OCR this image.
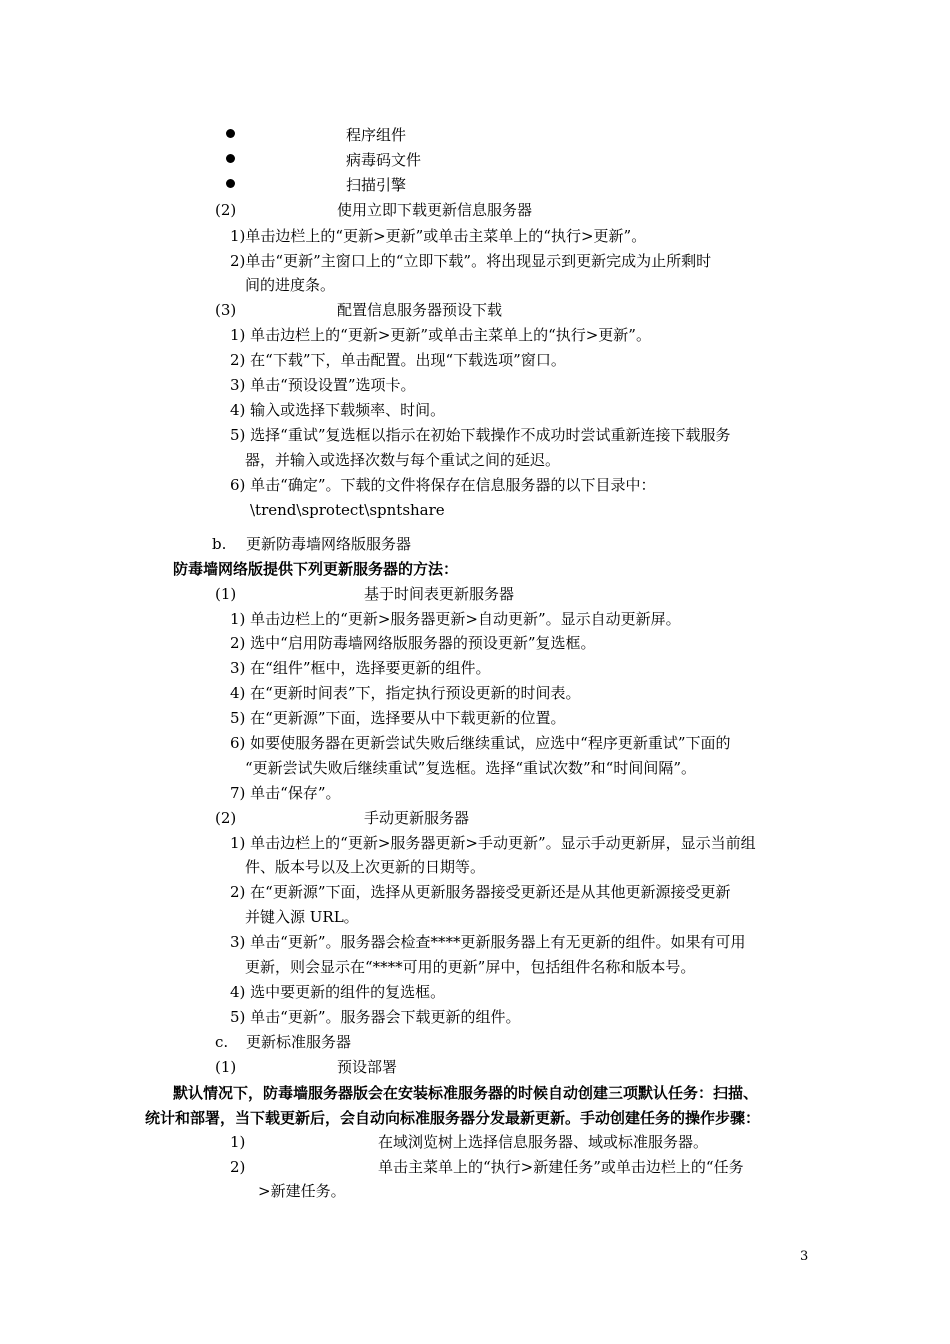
程序组件
病毒码文件
扫描引擎
(2)	使用立即下载更新信息服务器
1)单击边栏上的“更新>更新”或单击主菜单上的“执行>更新”。
2)单击“更新”主窗口上的“立即下载”。将出现显示到更新完成为止所剩时
间的进度条。
(3)	配置信息服务器预设下载
1) 单击边栏上的“更新>更新”或单击主菜单上的“执行>更新”。
2) 在“下载”下，单击配置。出现“下载选项”窗口。
3) 单击“预设设置”选项卡。
4) 输入或选择下载频率、时间。
5) 选择“重试”复选框以指示在初始下载操作不成功时尝试重新连接下载服务
器，并输入或选择次数与每个重试之间的延迟。
6) 单击“确定”。下载的文件将保存在信息服务器的以下目录中：
\trend\sprotect\spntshare
b. 更新防毒墙网络版服务器
防毒墙网络版提供下列更新服务器的方法：
(1)	基于时间表更新服务器
1) 单击边栏上的“更新>服务器更新>自动更新”。显示自动更新屏。
2) 选中“启用防毒墙网络版服务器的预设更新”复选框。
3) 在“组件”框中，选择要更新的组件。
4) 在“更新时间表”下，指定执行预设更新的时间表。
5) 在“更新源”下面，选择要从中下载更新的位置。
6) 如要使服务器在更新尝试失败后继续重试，应选中“程序更新重试”下面的
“更新尝试失败后继续重试”复选框。选择“重试次数”和“时间间隔”。
7) 单击“保存”。
(2)	手动更新服务器
1) 单击边栏上的“更新>服务器更新>手动更新”。显示手动更新屏，显示当前组
件、版本号以及上次更新的日期等。
2) 在“更新源”下面，选择从更新服务器接受更新还是从其他更新源接受更新
并键入源 URL。
3) 单击“更新”。服务器会检查****更新服务器上有无更新的组件。如果有可用
更新，则会显示在“****可用的更新”屏中，包括组件名称和版本号。
4) 选中要更新的组件的复选框。
5) 单击“更新”。服务器会下载更新的组件。
c. 更新标准服务器
(1)	预设部署
默认情况下，防毒墙服务器版会在安装标准服务器的时候自动创建三项默认任务：扫描、
统计和部署，当下载更新后，会自动向标准服务器分发最新更新。手动创建任务的操作步骤：
1)	在域浏览树上选择信息服务器、域或标准服务器。
2)	单击主菜单上的“执行>新建任务”或单击边栏上的“任务
>新建任务。
3
